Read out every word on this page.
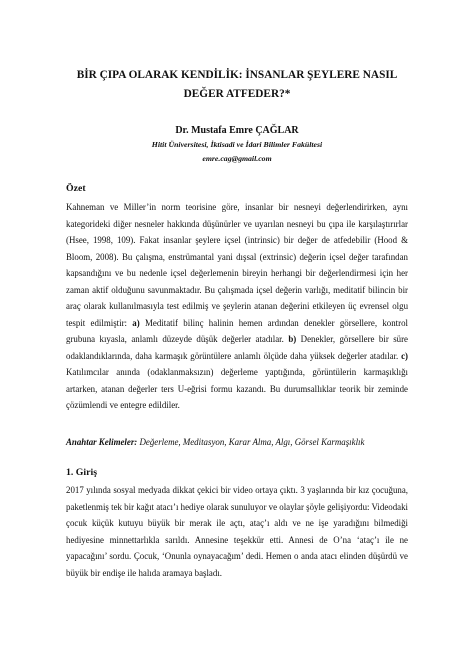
BİR ÇIPA OLARAK KENDİLİK: İNSANLAR ŞEYLERE NASIL
DEĞER ATFEDER?*
Dr. Mustafa Emre ÇAĞLAR
Hitit Üniversitesi, İktisadi ve İdari Bilimler Fakültesi
emre.cag@gmail.com
Özet

Kahneman ve Miller’in norm teorisine göre, insanlar bir nesneyi değerlendirirken, aynı kategorideki diğer nesneler hakkında düşünürler ve uyarılan nesneyi bu çıpa ile karşılaştırırlar (Hsee, 1998, 109). Fakat insanlar şeylere içsel (intrinsic) bir değer de atfedebilir (Hood & Bloom, 2008). Bu çalışma, enstrümantal yani dışsal (extrinsic) değerin içsel değer tarafından kapsandığını ve bu nedenle içsel değerlemenin bireyin herhangi bir değerlendirmesi için her zaman aktif olduğunu savunmaktadır. Bu çalışmada içsel değerin varlığı, meditatif bilincin bir araç olarak kullanılmasıyla test edilmiş ve şeylerin atanan değerini etkileyen üç evrensel olgu tespit edilmiştir: a) Meditatif bilinç halinin hemen ardından denekler görsellere, kontrol grubuna kıyasla, anlamlı düzeyde düşük değerler atadılar. b) Denekler, görsellere bir süre odaklandıklarında, daha karmaşık görüntülere anlamlı ölçüde daha yüksek değerler atadılar. c) Katılımcılar anında (odaklanmaksızın) değerleme yaptığında, görüntülerin karmaşıklığı artarken, atanan değerler ters U-eğrisi formu kazandı. Bu durumsallıklar teorik bir zeminde çözümlendi ve entegre edildiler.

Anahtar Kelimeler: Değerleme, Meditasyon, Karar Alma, Algı, Görsel Karmaşıklık
1. Giriş

2017 yılında sosyal medyada dikkat çekici bir video ortaya çıktı. 3 yaşlarında bir kız çocuğuna, paketlenmiş tek bir kağıt atacı’ı hediye olarak sunuluyor ve olaylar şöyle gelişiyordu: Videodaki çocuk küçük kutuyu büyük bir merak ile açtı, ataç’ı aldı ve ne işe yaradığını bilmediği hediyesine minnettarlıkla sarıldı. Annesine teşekkür etti. Annesi de O’na ‘ataç’ı ile ne yapacağını’ sordu. Çocuk, ‘Onunla oynayacağım’ dedi. Hemen o anda atacı elinden düşürdü ve büyük bir endişe ile halıda aramaya başladı.
